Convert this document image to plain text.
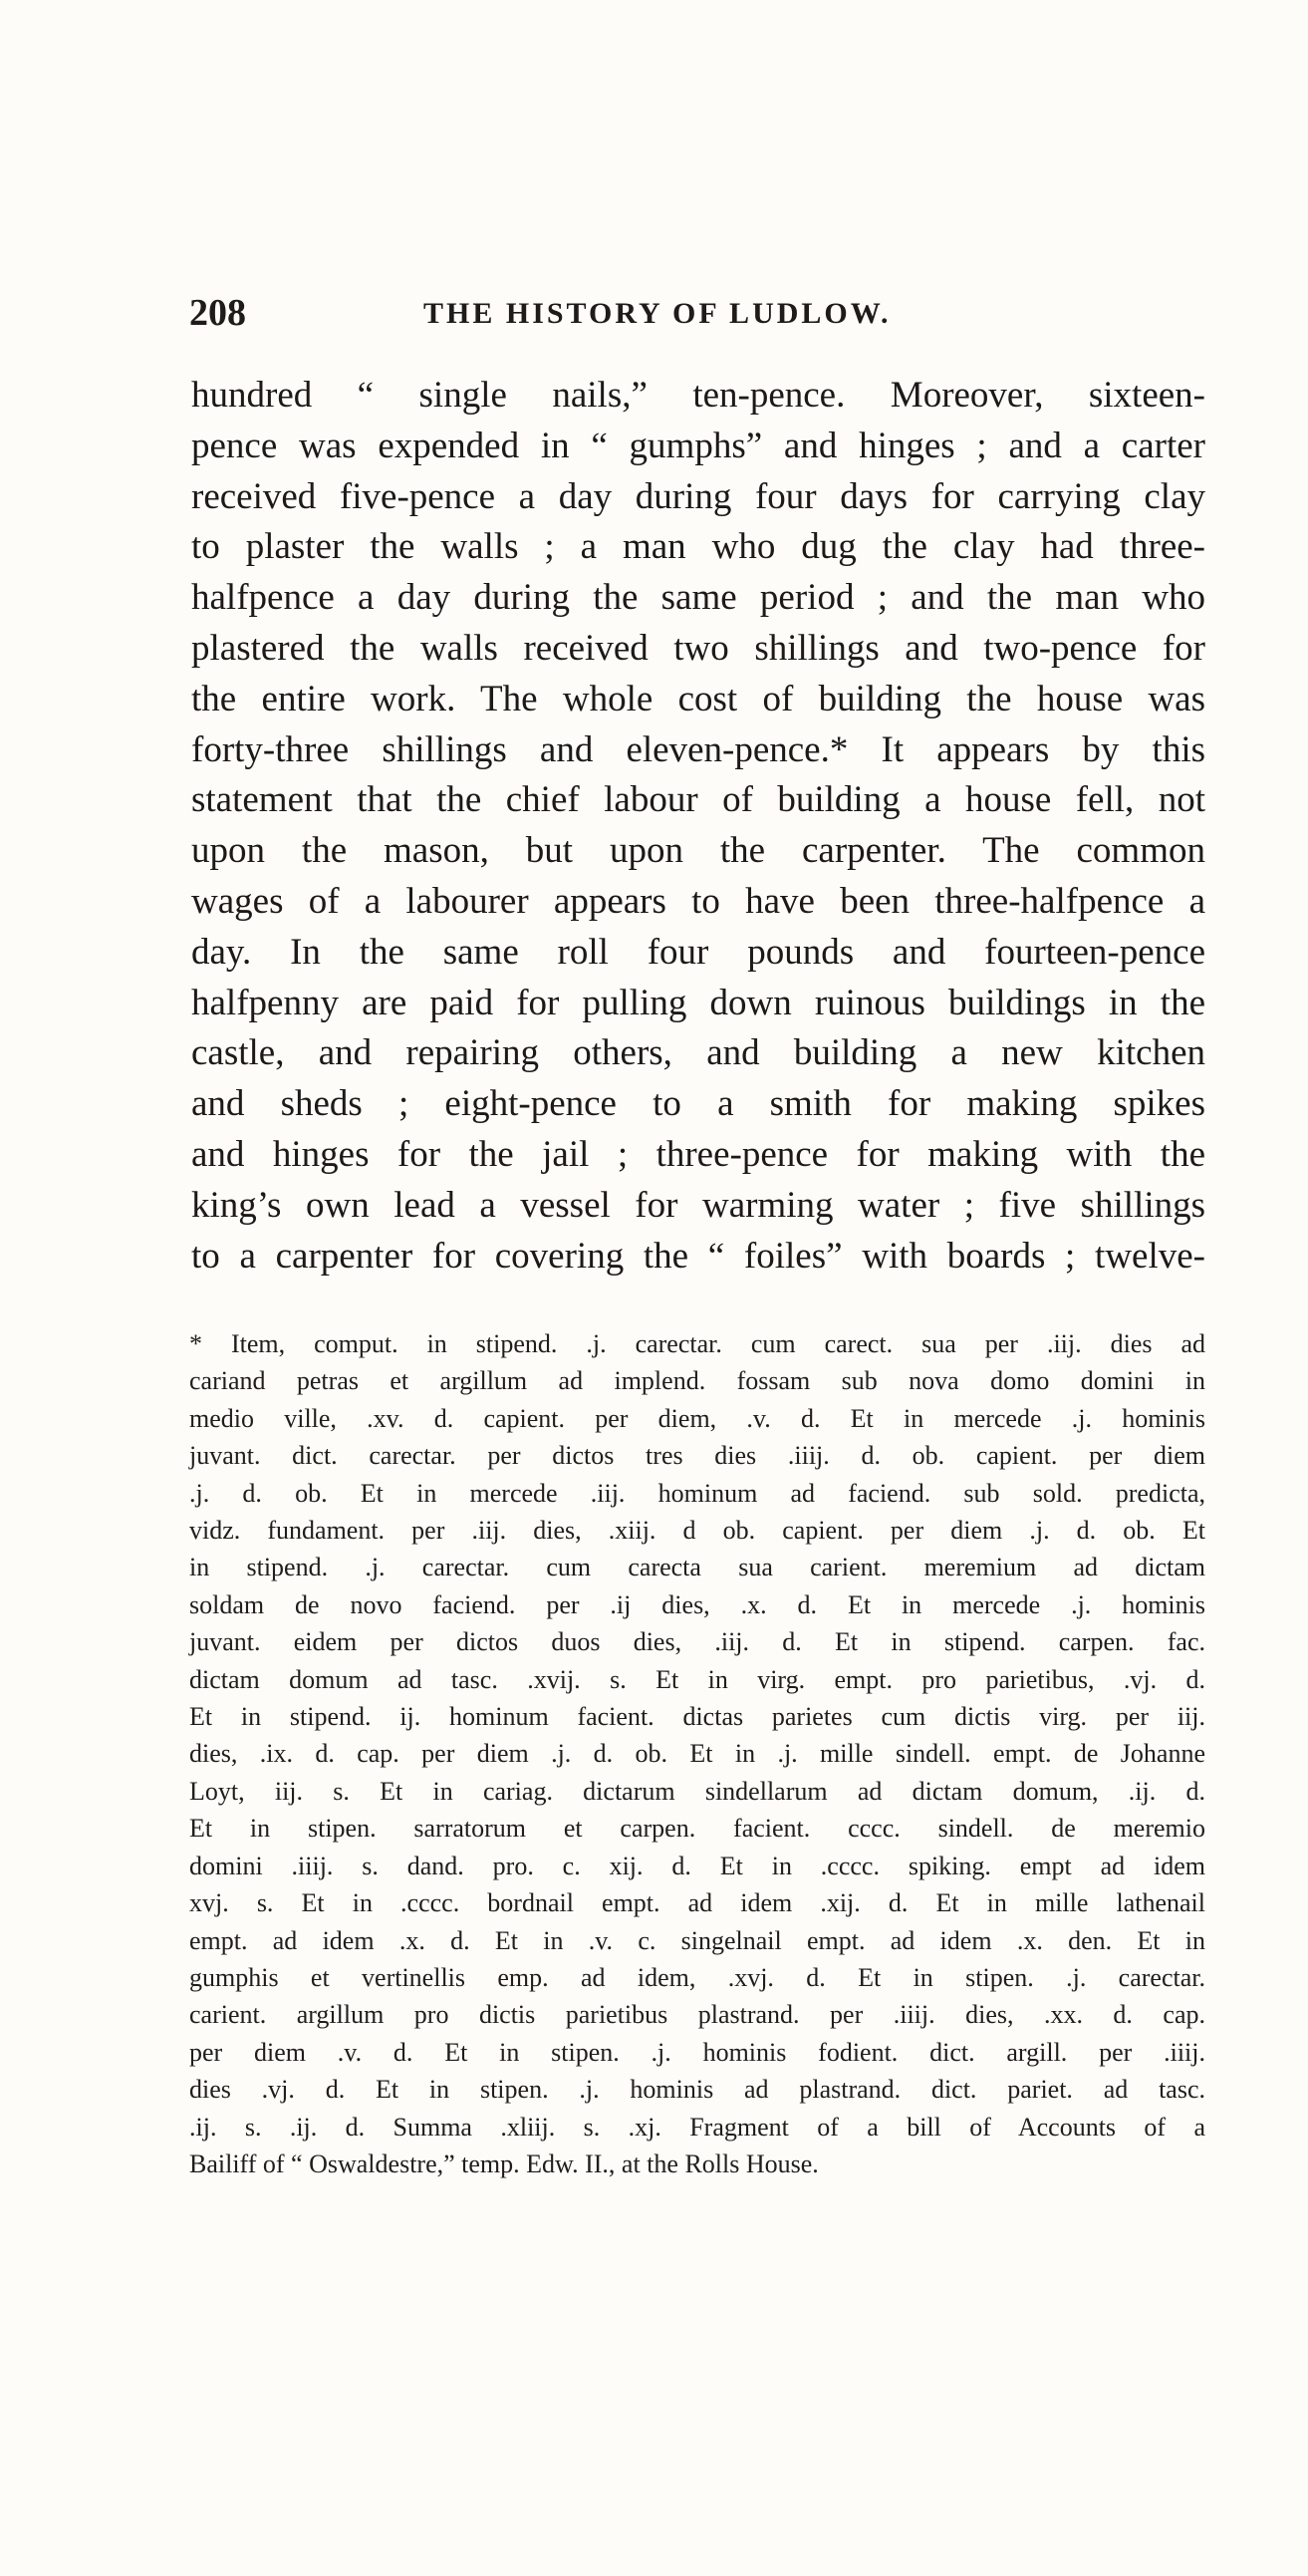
208	THE HISTORY OF LUDLOW.
hundred “ single nails,” ten-pence. Moreover, sixteen-
pence was expended in “ gumphs” and hinges ; and a carter
received five-pence a day during four days for carrying clay
to plaster the walls ; a man who dug the clay had three-
halfpence a day during the same period ; and the man who
plastered the walls received two shillings and two-pence for
the entire work. The whole cost of building the house was
forty-three shillings and eleven-pence.* It appears by this
statement that the chief labour of building a house fell, not
upon the mason, but upon the carpenter. The common
wages of a labourer appears to have been three-halfpence a
day. In the same roll four pounds and fourteen-pence
halfpenny are paid for pulling down ruinous buildings in the
castle, and repairing others, and building a new kitchen
and sheds ; eight-pence to a smith for making spikes
and hinges for the jail ; three-pence for making with the
king’s own lead a vessel for warming water ; five shillings
to a carpenter for covering the “ foiles” with boards ; twelve-
* Item, comput. in stipend. .j. carectar. cum carect. sua per .iij. dies ad
cariand petras et argillum ad implend. fossam sub nova domo domini in
medio ville, .xv. d. capient. per diem, .v. d. Et in mercede .j. hominis
juvant. dict. carectar. per dictos tres dies .iiij. d. ob. capient. per diem
.j. d. ob. Et in mercede .iij. hominum ad faciend. sub sold. predicta,
vidz. fundament. per .iij. dies, .xiij. d ob. capient. per diem .j. d. ob. Et
in stipend. .j. carectar. cum carecta sua carient. meremium ad dictam
soldam de novo faciend. per .ij dies, .x. d. Et in mercede .j. hominis
juvant. eidem per dictos duos dies, .iij. d. Et in stipend. carpen. fac.
dictam domum ad tasc. .xvij. s. Et in virg. empt. pro parietibus, .vj. d.
Et in stipend. ij. hominum facient. dictas parietes cum dictis virg. per iij.
dies, .ix. d. cap. per diem .j. d. ob. Et in .j. mille sindell. empt. de Johanne
Loyt, iij. s. Et in cariag. dictarum sindellarum ad dictam domum, .ij. d.
Et in stipen. sarratorum et carpen. facient. cccc. sindell. de meremio
domini .iiij. s. dand. pro. c. xij. d. Et in .cccc. spiking. empt ad idem
xvj. s. Et in .cccc. bordnail empt. ad idem .xij. d. Et in mille lathenail
empt. ad idem .x. d. Et in .v. c. singelnail empt. ad idem .x. den. Et in
gumphis et vertinellis emp. ad idem, .xvj. d. Et in stipen. .j. carectar.
carient. argillum pro dictis parietibus plastrand. per .iiij. dies, .xx. d. cap.
per diem .v. d. Et in stipen. .j. hominis fodient. dict. argill. per .iiij.
dies .vj. d. Et in stipen. .j. hominis ad plastrand. dict. pariet. ad tasc.
.ij. s. .ij. d. Summa .xliij. s. .xj. Fragment of a bill of Accounts of a
Bailiff of “ Oswaldestre,” temp. Edw. II., at the Rolls House.
